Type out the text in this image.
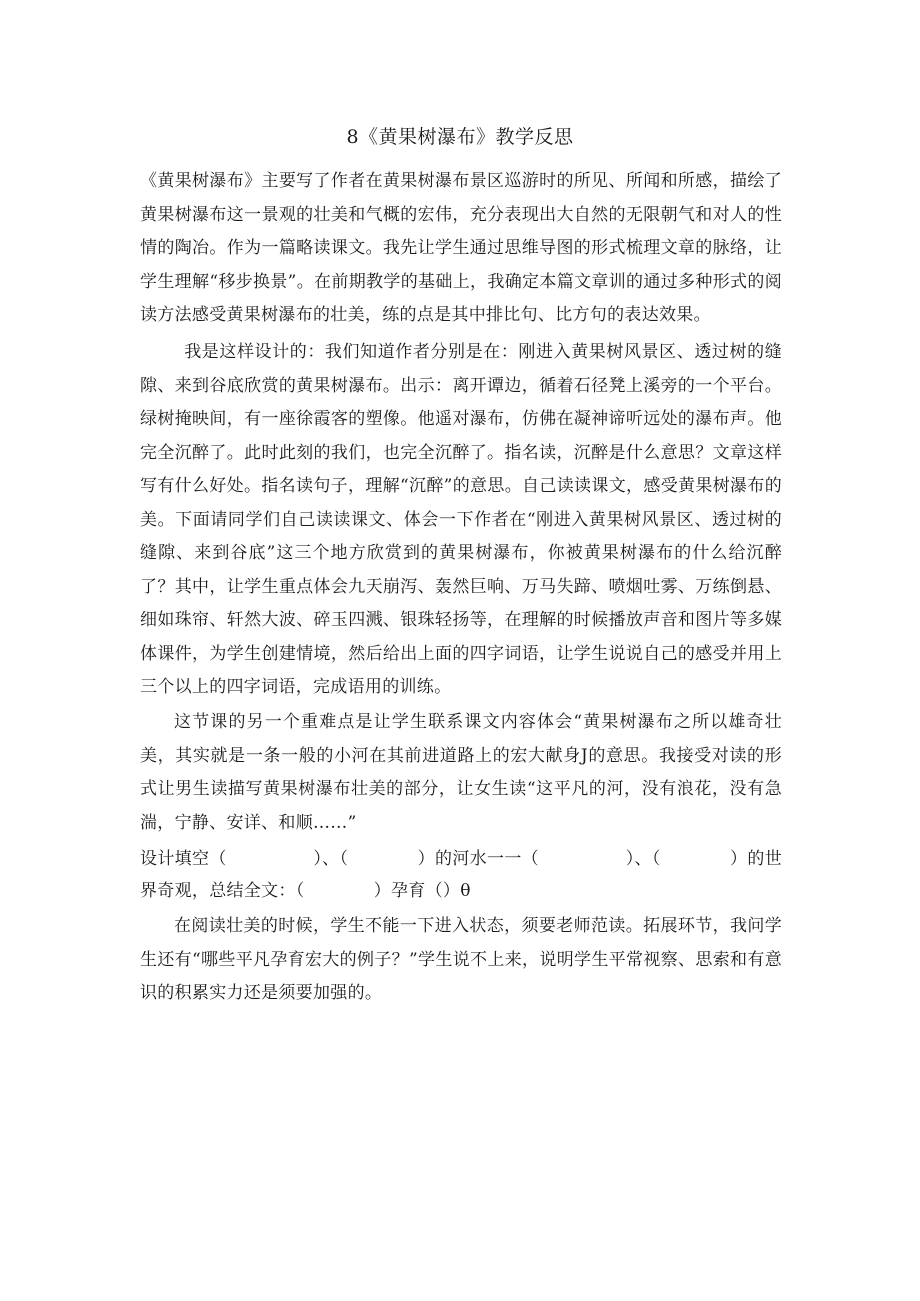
8《黄果树瀑布》教学反思
《黄果树瀑布》主要写了作者在黄果树瀑布景区巡游时的所见、所闻和所感，描绘了黄果树瀑布这一景观的壮美和气概的宏伟，充分表现出大自然的无限朝气和对人的性情的陶冶。作为一篇略读课文。我先让学生通过思维导图的形式梳理文章的脉络，让学生理解“移步换景”。在前期教学的基础上，我确定本篇文章训的通过多种形式的阅读方法感受黄果树瀑布的壮美，练的点是其中排比句、比方句的表达效果。
我是这样设计的：我们知道作者分别是在：刚进入黄果树风景区、透过树的缝隙、来到谷底欣赏的黄果树瀑布。出示：离开谭边，循着石径凳上溪旁的一个平台。绿树掩映间，有一座徐霞客的塑像。他遥对瀑布，仿佛在凝神谛听远处的瀑布声。他完全沉醉了。此时此刻的我们，也完全沉醉了。指名读，沉醉是什么意思？文章这样写有什么好处。指名读句子，理解“沉醉”的意思。自己读读课文，感受黄果树瀑布的美。下面请同学们自己读读课文、体会一下作者在“刚进入黄果树风景区、透过树的缝隙、来到谷底”这三个地方欣赏到的黄果树瀑布，你被黄果树瀑布的什么给沉醉了？其中，让学生重点体会九天崩泻、轰然巨响、万马失蹄、喷烟吐雾、万练倒悬、细如珠帘、轩然大波、碎玉四溅、银珠轻扬等，在理解的时候播放声音和图片等多媒体课件，为学生创建情境，然后给出上面的四字词语，让学生说说自己的感受并用上三个以上的四字词语，完成语用的训练。
这节课的另一个重难点是让学生联系课文内容体会“黄果树瀑布之所以雄奇壮美，其实就是一条一般的小河在其前进道路上的宏大献身J的意思。我接受对读的形式让男生读描写黄果树瀑布壮美的部分，让女生读“这平凡的河，没有浪花，没有急湍，宁静、安详、和顺……”
设计填空（　　　　　）、（　　　　）的河水一一（　　　　　）、（　　　　）的世界奇观，总结全文：（　　　　）孕育（）θ
在阅读壮美的时候，学生不能一下进入状态，须要老师范读。拓展环节，我问学生还有“哪些平凡孕育宏大的例子？”学生说不上来，说明学生平常视察、思索和有意识的积累实力还是须要加强的。
